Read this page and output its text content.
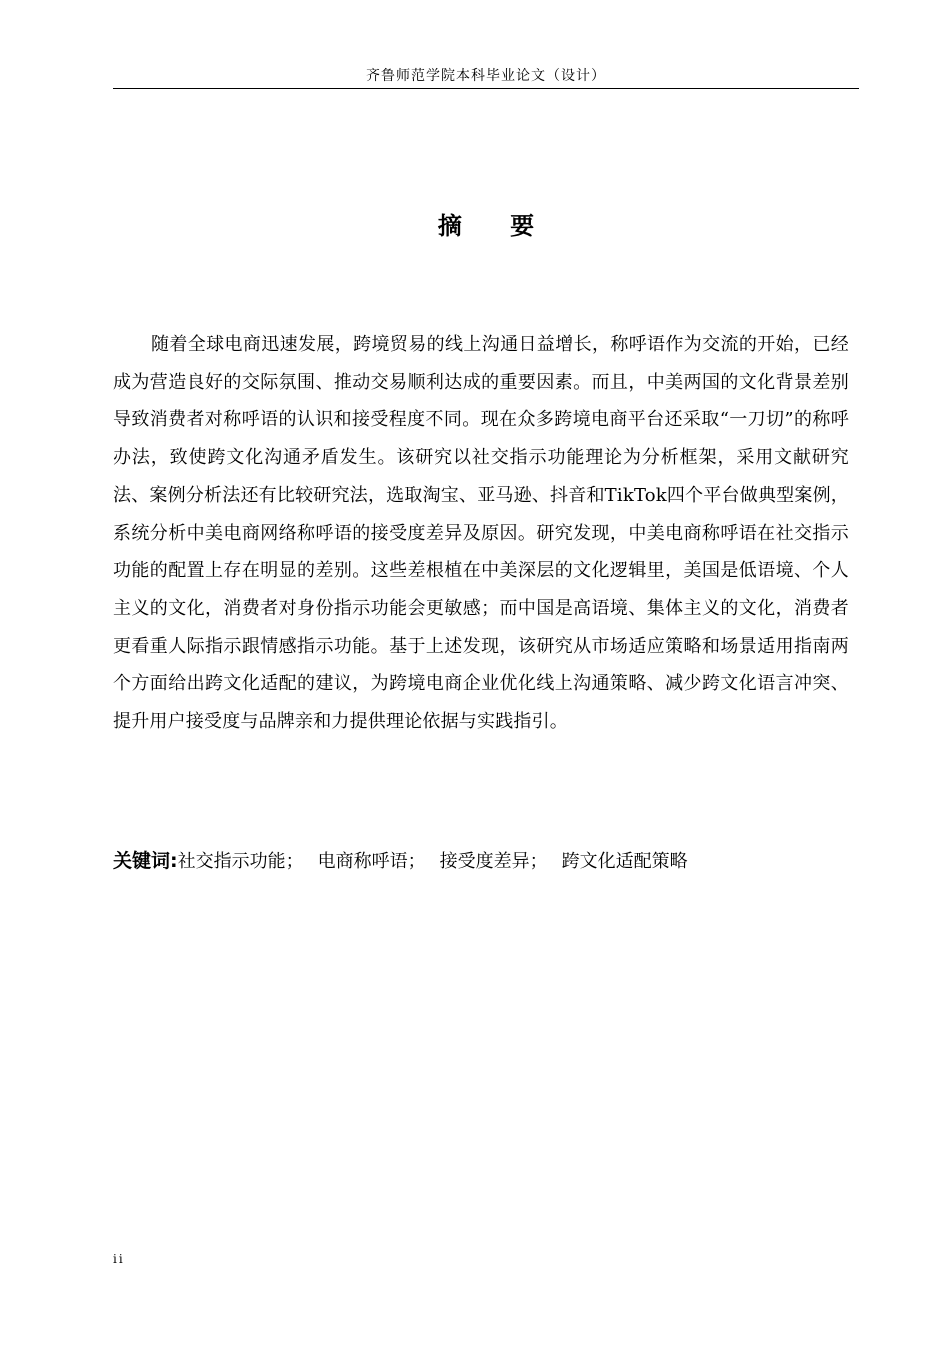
齐鲁师范学院本科毕业论文（设计）
摘 要

随着全球电商迅速发展，跨境贸易的线上沟通日益增长，称呼语作为交流的开始，已经成为营造良好的交际氛围、推动交易顺利达成的重要因素。而且，中美两国的文化背景差别导致消费者对称呼语的认识和接受程度不同。现在众多跨境电商平台还采取“一刀切”的称呼办法，致使跨文化沟通矛盾发生。该研究以社交指示功能理论为分析框架，采用文献研究法、案例分析法还有比较研究法，选取淘宝、亚马逊、抖音和TikTok四个平台做典型案例，系统分析中美电商网络称呼语的接受度差异及原因。研究发现，中美电商称呼语在社交指示功能的配置上存在明显的差别。这些差根植在中美深层的文化逻辑里，美国是低语境、个人主义的文化，消费者对身份指示功能会更敏感；而中国是高语境、集体主义的文化，消费者更看重人际指示跟情感指示功能。基于上述发现，该研究从市场适应策略和场景适用指南两个方面给出跨文化适配的建议，为跨境电商企业优化线上沟通策略、减少跨文化语言冲突、提升用户接受度与品牌亲和力提供理论依据与实践指引。

关键词:社交指示功能； 电商称呼语； 接受度差异； 跨文化适配策略
ii
